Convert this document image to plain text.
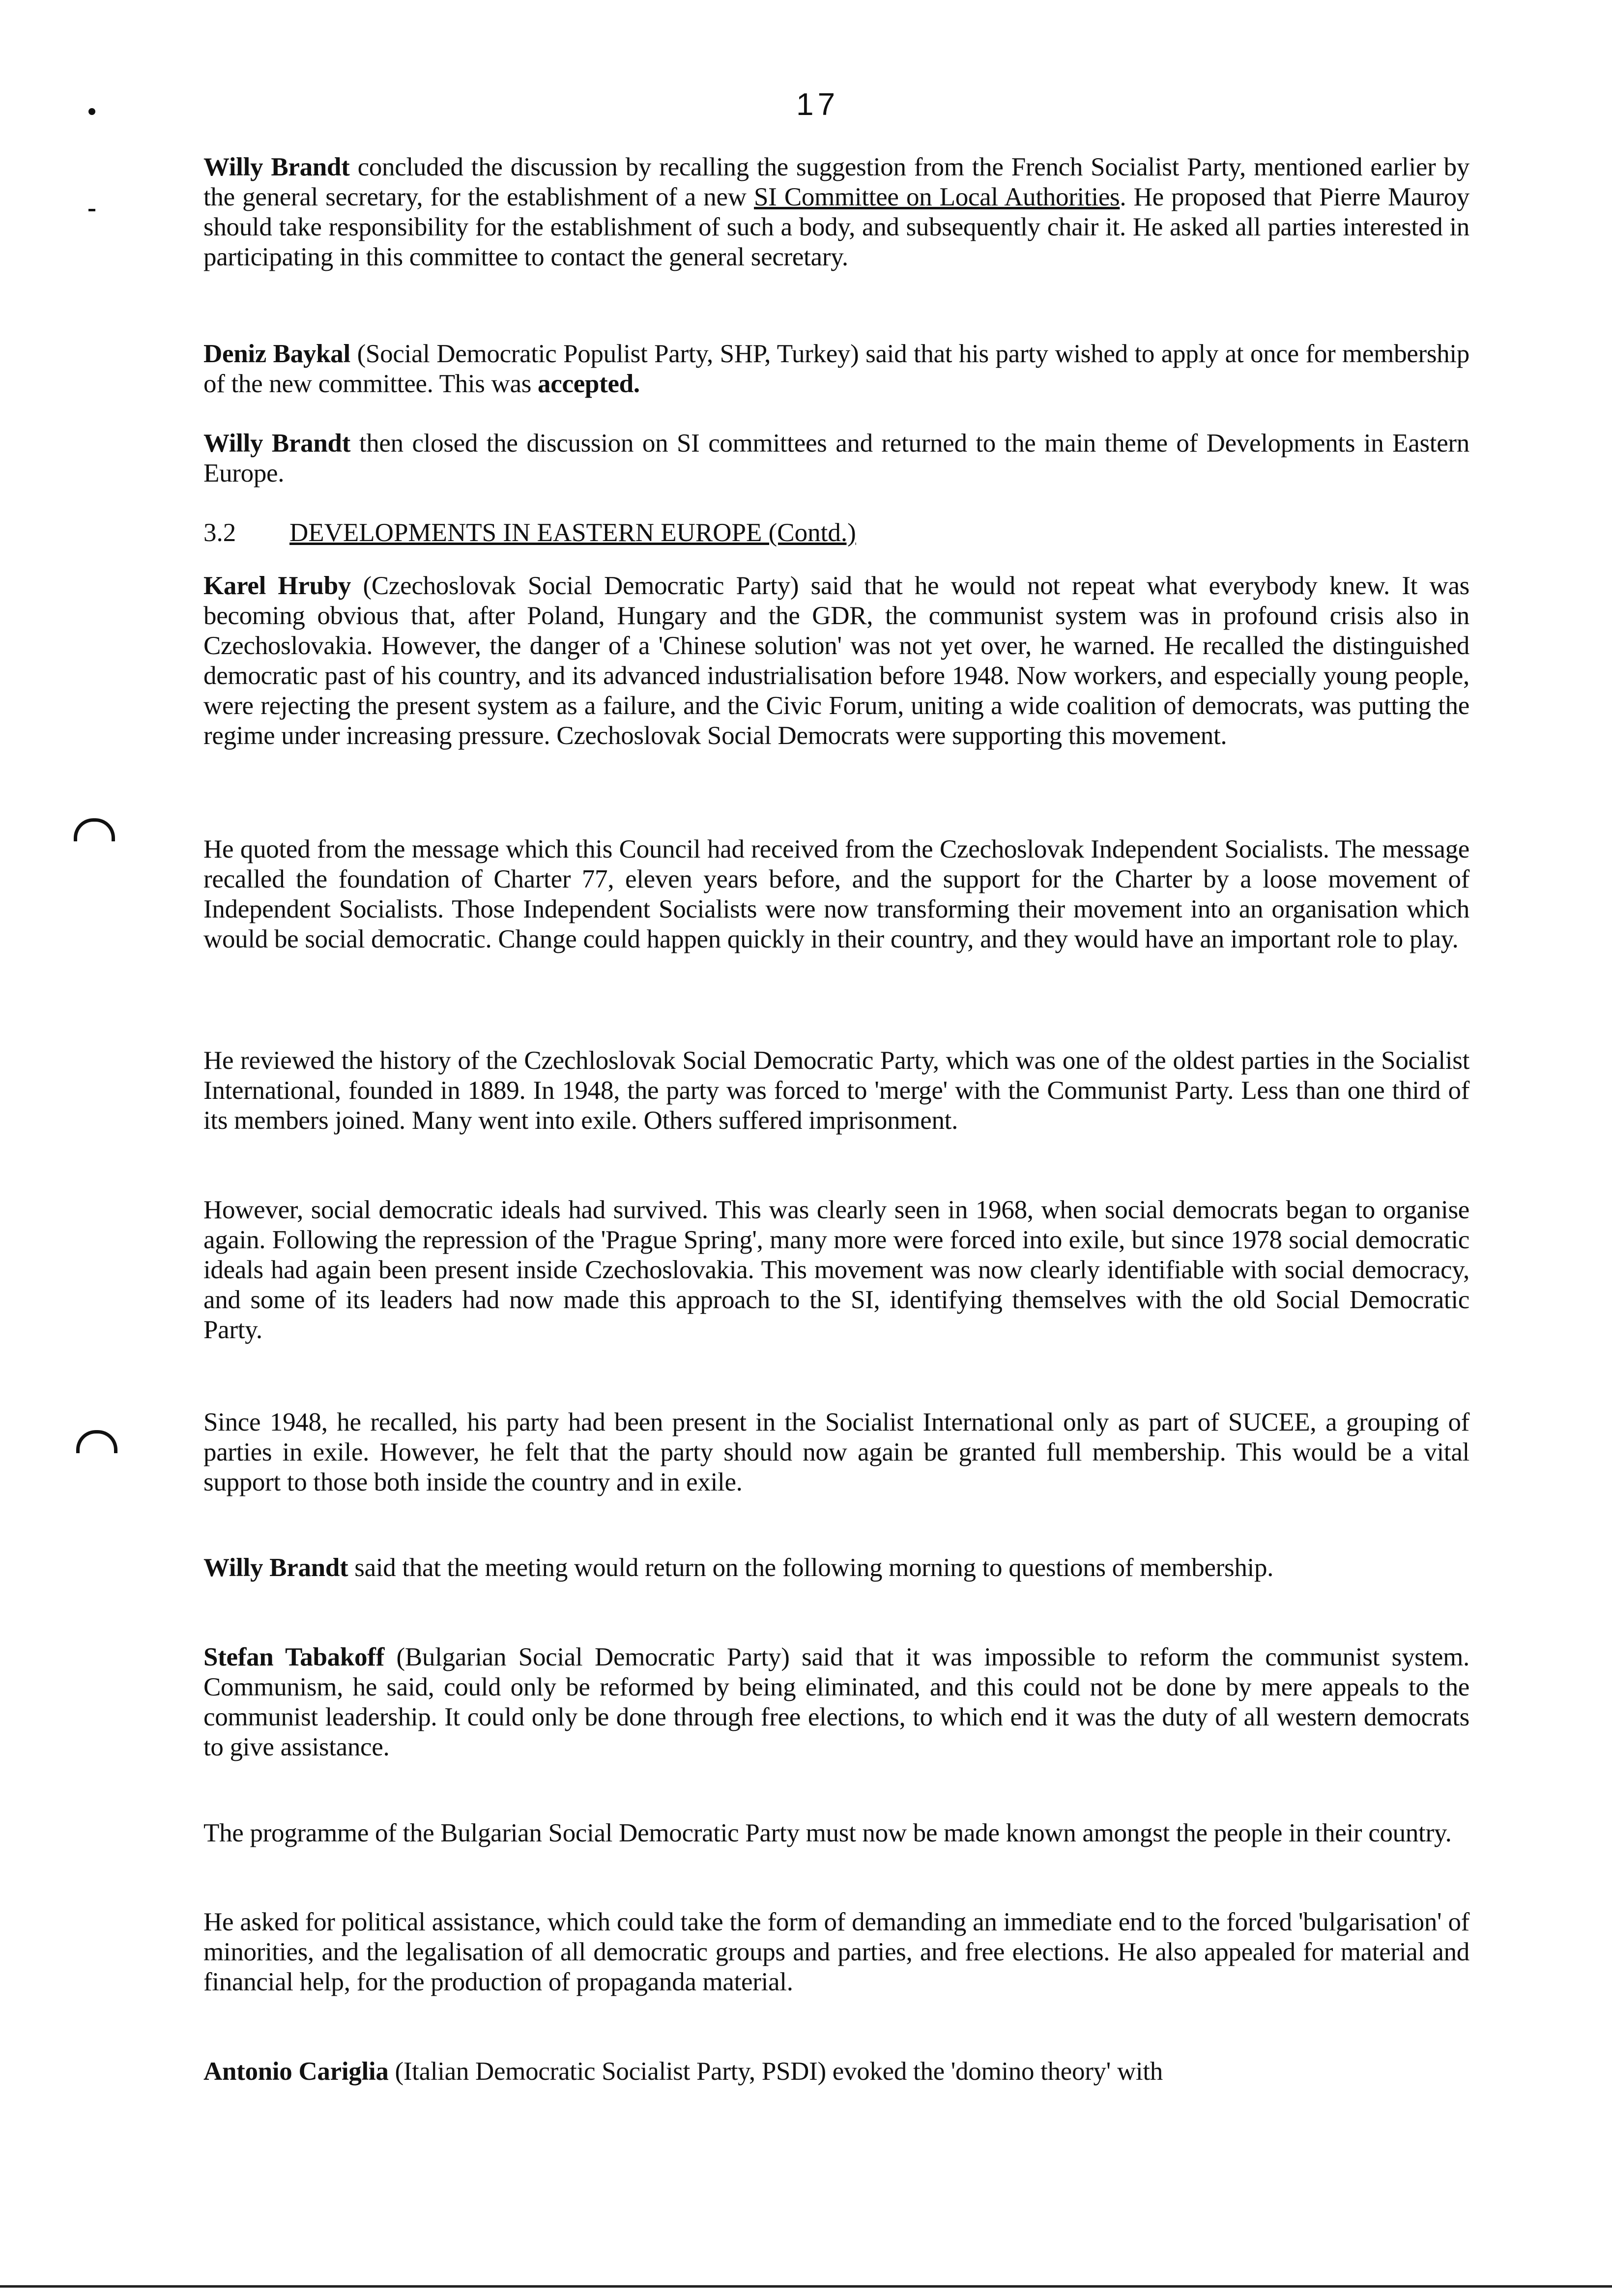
17

Willy Brandt concluded the discussion by recalling the suggestion from the French Socialist Party, mentioned earlier by the general secretary, for the establishment of a new SI Committee on Local Authorities. He proposed that Pierre Mauroy should take responsibility for the establishment of such a body, and subsequently chair it. He asked all parties interested in participating in this committee to contact the general secretary.

Deniz Baykal (Social Democratic Populist Party, SHP, Turkey) said that his party wished to apply at once for membership of the new committee. This was accepted.

Willy Brandt then closed the discussion on SI committees and returned to the main theme of Developments in Eastern Europe.

3.2 DEVELOPMENTS IN EASTERN EUROPE (Contd.)

Karel Hruby (Czechoslovak Social Democratic Party) said that he would not repeat what everybody knew. It was becoming obvious that, after Poland, Hungary and the GDR, the communist system was in profound crisis also in Czechoslovakia. However, the danger of a 'Chinese solution' was not yet over, he warned. He recalled the distinguished democratic past of his country, and its advanced industrialisation before 1948. Now workers, and especially young people, were rejecting the present system as a failure, and the Civic Forum, uniting a wide coalition of democrats, was putting the regime under increasing pressure. Czechoslovak Social Democrats were supporting this movement.

He quoted from the message which this Council had received from the Czechoslovak Independent Socialists. The message recalled the foundation of Charter 77, eleven years before, and the support for the Charter by a loose movement of Independent Socialists. Those Independent Socialists were now transforming their movement into an organisation which would be social democratic. Change could happen quickly in their country, and they would have an important role to play.

He reviewed the history of the Czechloslovak Social Democratic Party, which was one of the oldest parties in the Socialist International, founded in 1889. In 1948, the party was forced to 'merge' with the Communist Party. Less than one third of its members joined. Many went into exile. Others suffered imprisonment.

However, social democratic ideals had survived. This was clearly seen in 1968, when social democrats began to organise again. Following the repression of the 'Prague Spring', many more were forced into exile, but since 1978 social democratic ideals had again been present inside Czechoslovakia. This movement was now clearly identifiable with social democracy, and some of its leaders had now made this approach to the SI, identifying themselves with the old Social Democratic Party.

Since 1948, he recalled, his party had been present in the Socialist International only as part of SUCEE, a grouping of parties in exile. However, he felt that the party should now again be granted full membership. This would be a vital support to those both inside the country and in exile.

Willy Brandt said that the meeting would return on the following morning to questions of membership.

Stefan Tabakoff (Bulgarian Social Democratic Party) said that it was impossible to reform the communist system. Communism, he said, could only be reformed by being eliminated, and this could not be done by mere appeals to the communist leadership. It could only be done through free elections, to which end it was the duty of all western democrats to give assistance.

The programme of the Bulgarian Social Democratic Party must now be made known amongst the people in their country.

He asked for political assistance, which could take the form of demanding an immediate end to the forced 'bulgarisation' of minorities, and the legalisation of all democratic groups and parties, and free elections. He also appealed for material and financial help, for the production of propaganda material.

Antonio Cariglia (Italian Democratic Socialist Party, PSDI) evoked the 'domino theory' with
